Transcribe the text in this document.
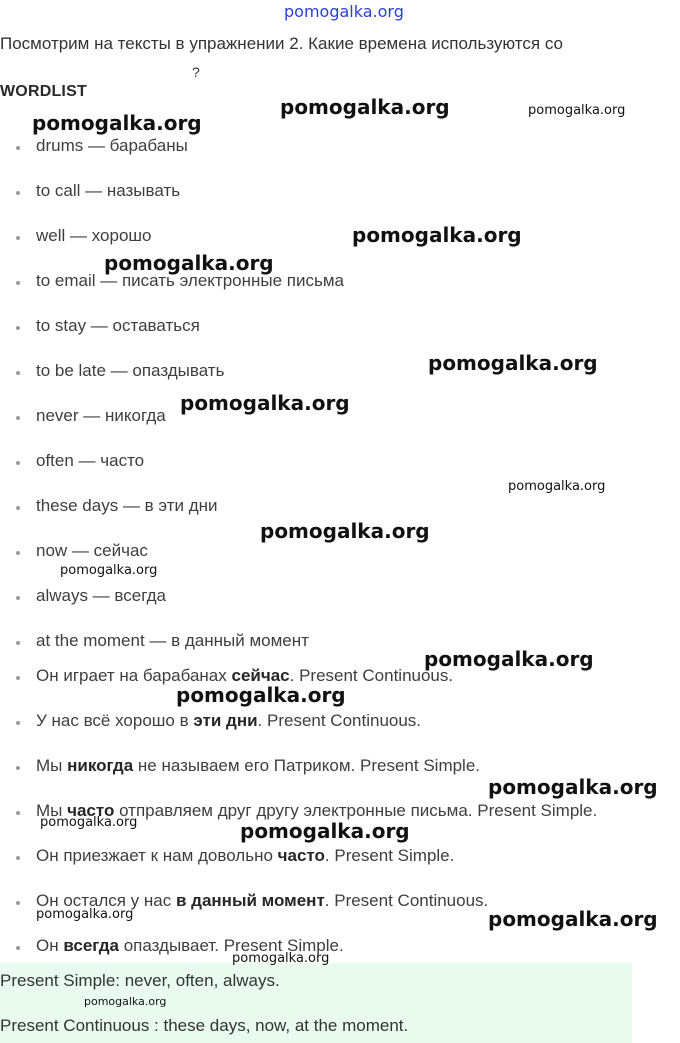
pomogalka.org
Посмотрим на тексты в упражнении 2. Какие времена используются со
?
WORDLIST
drums — барабаны
to call — называть
well — хорошо
to email — писать электронные письма
to stay — оставаться
to be late — опаздывать
never — никогда
often — часто
these days — в эти дни
now — сейчас
always — всегда
at the moment — в данный момент
Он играет на барабанах сейчас. Present Continuous.
У нас всё хорошо в эти дни. Present Continuous.
Мы никогда не называем его Патриком. Present Simple.
Мы часто отправляем друг другу электронные письма. Present Simple.
Он приезжает к нам довольно часто. Present Simple.
Он остался у нас в данный момент. Present Continuous.
Он всегда опаздывает. Present Simple.
Present Simple: never, often, always.
Present Continuous : these days, now, at the moment.
pomogalka.org	pomogalka.org
pomogalka.org
pomogalka.org
pomogalka.org
pomogalka.org
pomogalka.org
pomogalka.org
pomogalka.org
pomogalka.org
pomogalka.org
pomogalka.org
pomogalka.org
pomogalka.org	pomogalka.org
pomogalka.org	pomogalka.org
pomogalka.org
pomogalka.org
